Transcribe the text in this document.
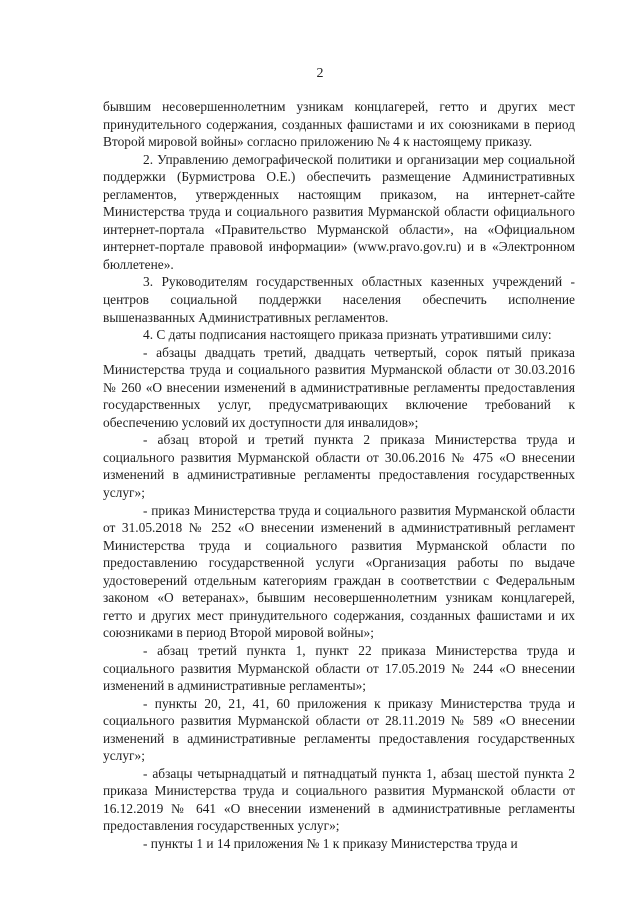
2

бывшим несовершеннолетним узникам концлагерей, гетто и других мест принудительного содержания, созданных фашистами и их союзниками в период Второй мировой войны» согласно приложению № 4 к настоящему приказу.

2. Управлению демографической политики и организации мер социальной поддержки (Бурмистрова О.Е.) обеспечить размещение Административных регламентов, утвержденных настоящим приказом, на интернет-сайте Министерства труда и социального развития Мурманской области официального интернет-портала «Правительство Мурманской области», на «Официальном интернет-портале правовой информации» (www.pravo.gov.ru) и в «Электронном бюллетене».

3. Руководителям государственных областных казенных учреждений - центров социальной поддержки населения обеспечить исполнение вышеназванных Административных регламентов.

4. С даты подписания настоящего приказа признать утратившими силу:

- абзацы двадцать третий, двадцать четвертый, сорок пятый приказа Министерства труда и социального развития Мурманской области от 30.03.2016 № 260 «О внесении изменений в административные регламенты предоставления государственных услуг, предусматривающих включение требований к обеспечению условий их доступности для инвалидов»;

- абзац второй и третий пункта 2 приказа Министерства труда и социального развития Мурманской области от 30.06.2016 № 475 «О внесении изменений в административные регламенты предоставления государственных услуг»;

- приказ Министерства труда и социального развития Мурманской области от 31.05.2018 № 252 «О внесении изменений в административный регламент Министерства труда и социального развития Мурманской области по предоставлению государственной услуги «Организация работы по выдаче удостоверений отдельным категориям граждан в соответствии с Федеральным законом «О ветеранах», бывшим несовершеннолетним узникам концлагерей, гетто и других мест принудительного содержания, созданных фашистами и их союзниками в период Второй мировой войны»;

- абзац третий пункта 1, пункт 22 приказа Министерства труда и социального развития Мурманской области от 17.05.2019 № 244 «О внесении изменений в административные регламенты»;

- пункты 20, 21, 41, 60 приложения к приказу Министерства труда и социального развития Мурманской области от 28.11.2019 № 589 «О внесении изменений в административные регламенты предоставления государственных услуг»;

- абзацы четырнадцатый и пятнадцатый пункта 1, абзац шестой пункта 2 приказа Министерства труда и социального развития Мурманской области от 16.12.2019 № 641 «О внесении изменений в административные регламенты предоставления государственных услуг»;

- пункты 1 и 14 приложения № 1 к приказу Министерства труда и
